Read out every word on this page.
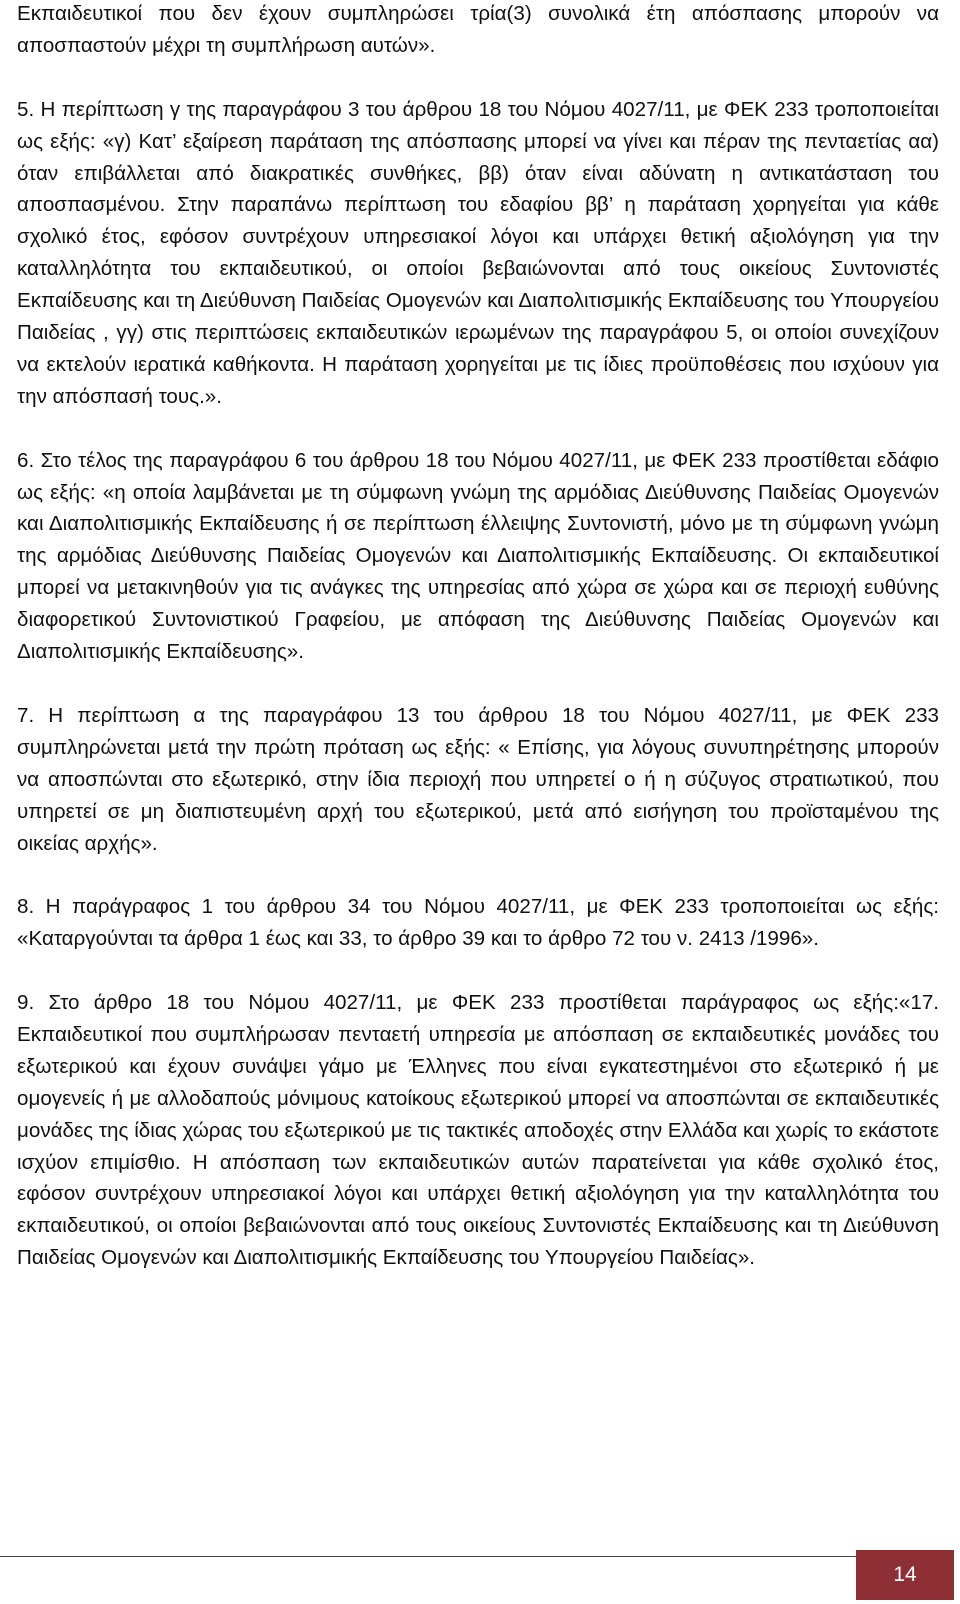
Εκπαιδευτικοί που δεν έχουν συμπληρώσει τρία(3) συνολικά έτη απόσπασης μπορούν να αποσπαστούν μέχρι τη συμπλήρωση αυτών».

5. Η περίπτωση γ της παραγράφου 3 του άρθρου 18 του Νόμου 4027/11, με ΦΕΚ 233 τροποποιείται ως εξής: «γ) Κατ’ εξαίρεση παράταση της απόσπασης μπορεί να γίνει και πέραν της πενταετίας αα) όταν επιβάλλεται από διακρατικές συνθήκες, ββ) όταν είναι αδύνατη η αντικατάσταση του αποσπασμένου. Στην παραπάνω περίπτωση του εδαφίου ββ’ η παράταση χορηγείται για κάθε σχολικό έτος, εφόσον συντρέχουν υπηρεσιακοί λόγοι και υπάρχει θετική αξιολόγηση για την καταλληλότητα του εκπαιδευτικού, οι οποίοι βεβαιώνονται από τους οικείους Συντονιστές Εκπαίδευσης και τη Διεύθυνση Παιδείας Ομογενών και Διαπολιτισμικής Εκπαίδευσης του Υπουργείου Παιδείας , γγ) στις περιπτώσεις εκπαιδευτικών ιερωμένων της παραγράφου 5, οι οποίοι συνεχίζουν να εκτελούν ιερατικά καθήκοντα. Η παράταση χορηγείται με τις ίδιες προϋποθέσεις που ισχύουν για την απόσπασή τους.».

6. Στο τέλος της παραγράφου 6 του άρθρου 18 του Νόμου 4027/11, με ΦΕΚ 233 προστίθεται εδάφιο ως εξής: «η οποία λαμβάνεται με τη σύμφωνη γνώμη της αρμόδιας Διεύθυνσης Παιδείας Ομογενών και Διαπολιτισμικής Εκπαίδευσης ή σε περίπτωση έλλειψης Συντονιστή, μόνο με τη σύμφωνη γνώμη της αρμόδιας Διεύθυνσης Παιδείας Ομογενών και Διαπολιτισμικής Εκπαίδευσης. Οι εκπαιδευτικοί μπορεί να μετακινηθούν για τις ανάγκες της υπηρεσίας από χώρα σε χώρα και σε περιοχή ευθύνης διαφορετικού Συντονιστικού Γραφείου, με απόφαση της Διεύθυνσης Παιδείας Ομογενών και Διαπολιτισμικής Εκπαίδευσης».

7. Η περίπτωση α της παραγράφου 13 του άρθρου 18 του Νόμου 4027/11, με ΦΕΚ 233 συμπληρώνεται μετά την πρώτη πρόταση ως εξής: « Επίσης, για λόγους συνυπηρέτησης μπορούν να αποσπώνται στο εξωτερικό, στην ίδια περιοχή που υπηρετεί ο ή η σύζυγος στρατιωτικού, που υπηρετεί σε μη διαπιστευμένη αρχή του εξωτερικού, μετά από εισήγηση του προϊσταμένου της οικείας αρχής».

8. Η παράγραφος 1 του άρθρου 34 του Νόμου 4027/11, με ΦΕΚ 233 τροποποιείται ως εξής: «Καταργούνται τα άρθρα 1 έως και 33, το άρθρο 39 και το άρθρο 72 του ν. 2413 /1996».

9. Στο άρθρο 18 του Νόμου 4027/11, με ΦΕΚ 233 προστίθεται παράγραφος ως εξής:«17. Εκπαιδευτικοί που συμπλήρωσαν πενταετή υπηρεσία με απόσπαση σε εκπαιδευτικές μονάδες του εξωτερικού και έχουν συνάψει γάμο με Έλληνες που είναι εγκατεστημένοι στο εξωτερικό ή με ομογενείς ή με αλλοδαπούς μόνιμους κατοίκους εξωτερικού μπορεί να αποσπώνται σε εκπαιδευτικές μονάδες της ίδιας χώρας του εξωτερικού με τις τακτικές αποδοχές στην Ελλάδα και χωρίς το εκάστοτε ισχύον επιμίσθιο. Η απόσπαση των εκπαιδευτικών αυτών παρατείνεται για κάθε σχολικό έτος, εφόσον συντρέχουν υπηρεσιακοί λόγοι και υπάρχει θετική αξιολόγηση για την καταλληλότητα του εκπαιδευτικού, οι οποίοι βεβαιώνονται από τους οικείους Συντονιστές Εκπαίδευσης και τη Διεύθυνση Παιδείας Ομογενών και Διαπολιτισμικής Εκπαίδευσης του Υπουργείου Παιδείας».

14
